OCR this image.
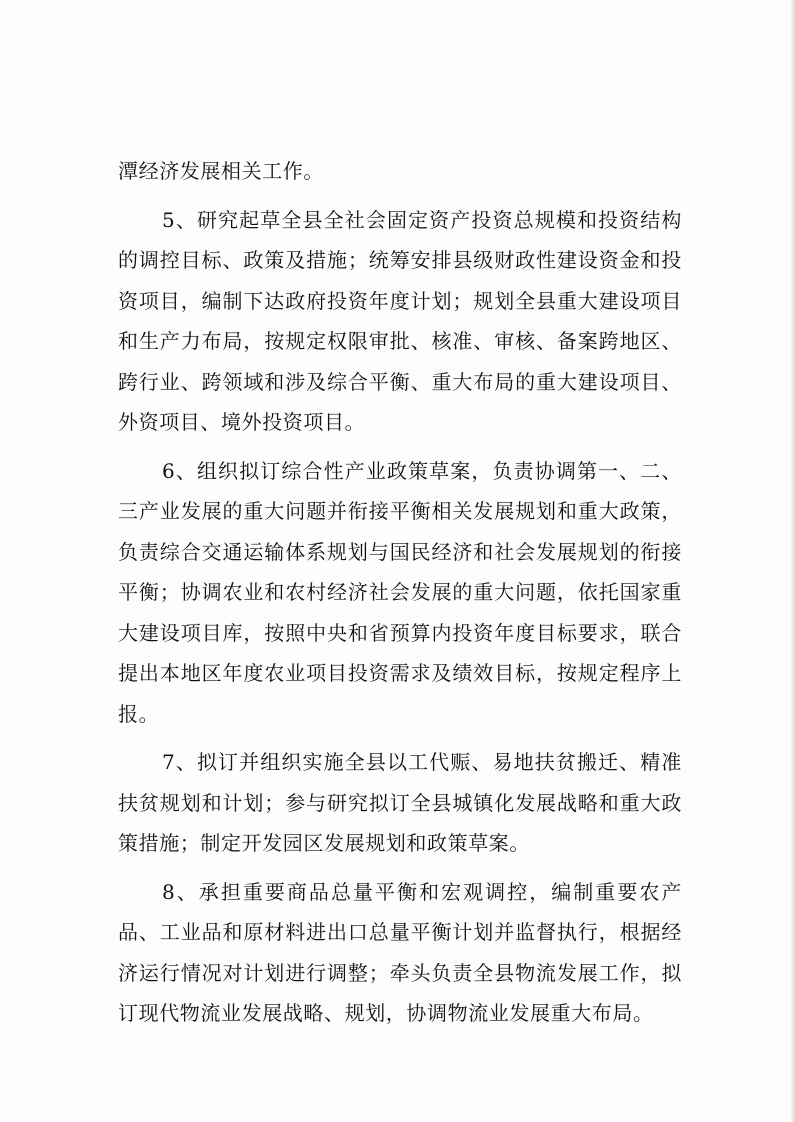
潭经济发展相关工作。

5、研究起草全县全社会固定资产投资总规模和投资结构的调控目标、政策及措施；统筹安排县级财政性建设资金和投资项目，编制下达政府投资年度计划；规划全县重大建设项目和生产力布局，按规定权限审批、核准、审核、备案跨地区、跨行业、跨领域和涉及综合平衡、重大布局的重大建设项目、外资项目、境外投资项目。

6、组织拟订综合性产业政策草案，负责协调第一、二、三产业发展的重大问题并衔接平衡相关发展规划和重大政策，负责综合交通运输体系规划与国民经济和社会发展规划的衔接平衡；协调农业和农村经济社会发展的重大问题，依托国家重大建设项目库，按照中央和省预算内投资年度目标要求，联合提出本地区年度农业项目投资需求及绩效目标，按规定程序上报。

7、拟订并组织实施全县以工代赈、易地扶贫搬迁、精准扶贫规划和计划；参与研究拟订全县城镇化发展战略和重大政策措施；制定开发园区发展规划和政策草案。

8、承担重要商品总量平衡和宏观调控，编制重要农产品、工业品和原材料进出口总量平衡计划并监督执行，根据经济运行情况对计划进行调整；牵头负责全县物流发展工作，拟订现代物流业发展战略、规划，协调物流业发展重大布局。
